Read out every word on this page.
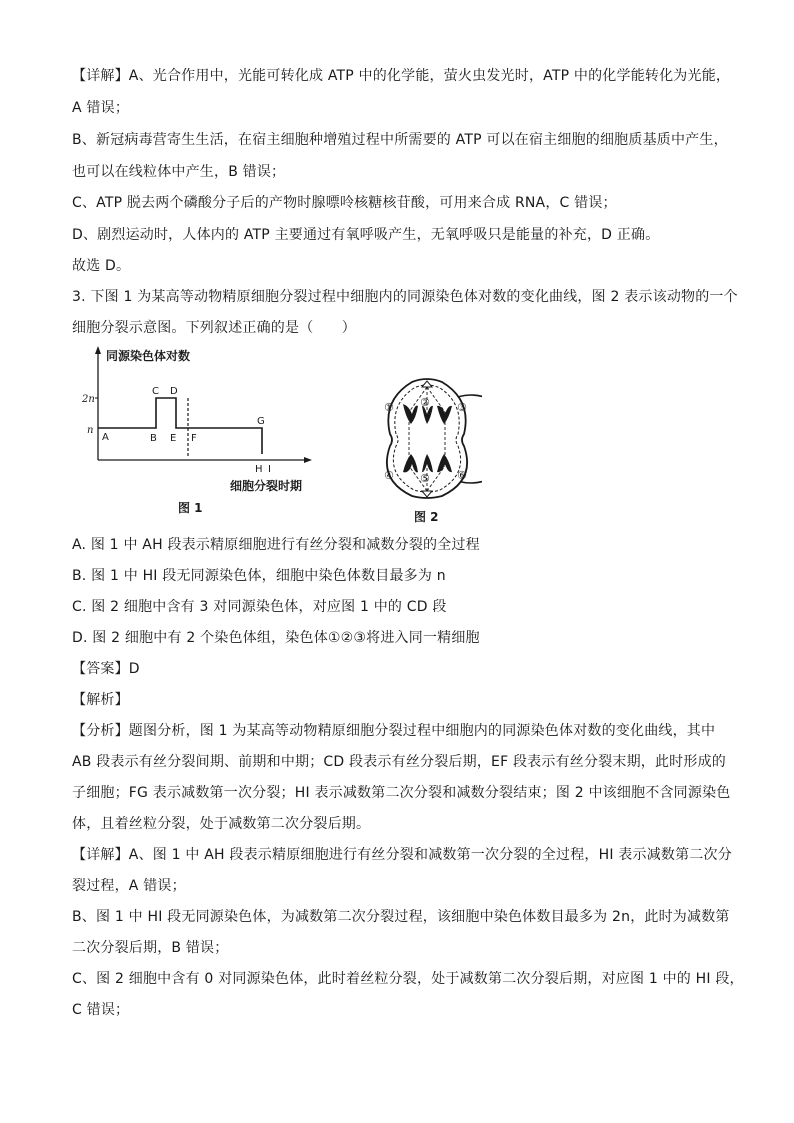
【详解】A、光合作用中，光能可转化成 ATP 中的化学能，萤火虫发光时，ATP 中的化学能转化为光能，
A 错误；
B、新冠病毒营寄生生活，在宿主细胞种增殖过程中所需要的 ATP 可以在宿主细胞的细胞质基质中产生，
也可以在线粒体中产生，B 错误；
C、ATP 脱去两个磷酸分子后的产物时腺嘌呤核糖核苷酸，可用来合成 RNA，C 错误；
D、剧烈运动时，人体内的 ATP 主要通过有氧呼吸产生，无氧呼吸只是能量的补充，D 正确。
故选 D。
3. 下图 1 为某高等动物精原细胞分裂过程中细胞内的同源染色体对数的变化曲线，图 2 表示该动物的一个
细胞分裂示意图。下列叙述正确的是（　　）
同源染色体对数
2n
n
A	B
C D
E F
G
H I
细胞分裂时期
图 1
① ② ③
④ ⑤ ⑥
图 2
A. 图 1 中 AH 段表示精原细胞进行有丝分裂和减数分裂的全过程
B. 图 1 中 HI 段无同源染色体，细胞中染色体数目最多为 n
C. 图 2 细胞中含有 3 对同源染色体，对应图 1 中的 CD 段
D. 图 2 细胞中有 2 个染色体组，染色体①②③将进入同一精细胞
【答案】D
【解析】
【分析】题图分析，图 1 为某高等动物精原细胞分裂过程中细胞内的同源染色体对数的变化曲线，其中
AB 段表示有丝分裂间期、前期和中期；CD 段表示有丝分裂后期，EF 段表示有丝分裂末期，此时形成的
子细胞；FG 表示减数第一次分裂；HI 表示减数第二次分裂和减数分裂结束；图 2 中该细胞不含同源染色
体，且着丝粒分裂，处于减数第二次分裂后期。
【详解】A、图 1 中 AH 段表示精原细胞进行有丝分裂和减数第一次分裂的全过程，HI 表示减数第二次分
裂过程，A 错误；
B、图 1 中 HI 段无同源染色体，为减数第二次分裂过程，该细胞中染色体数目最多为 2n，此时为减数第
二次分裂后期，B 错误；
C、图 2 细胞中含有 0 对同源染色体，此时着丝粒分裂，处于减数第二次分裂后期，对应图 1 中的 HI 段，
C 错误；
